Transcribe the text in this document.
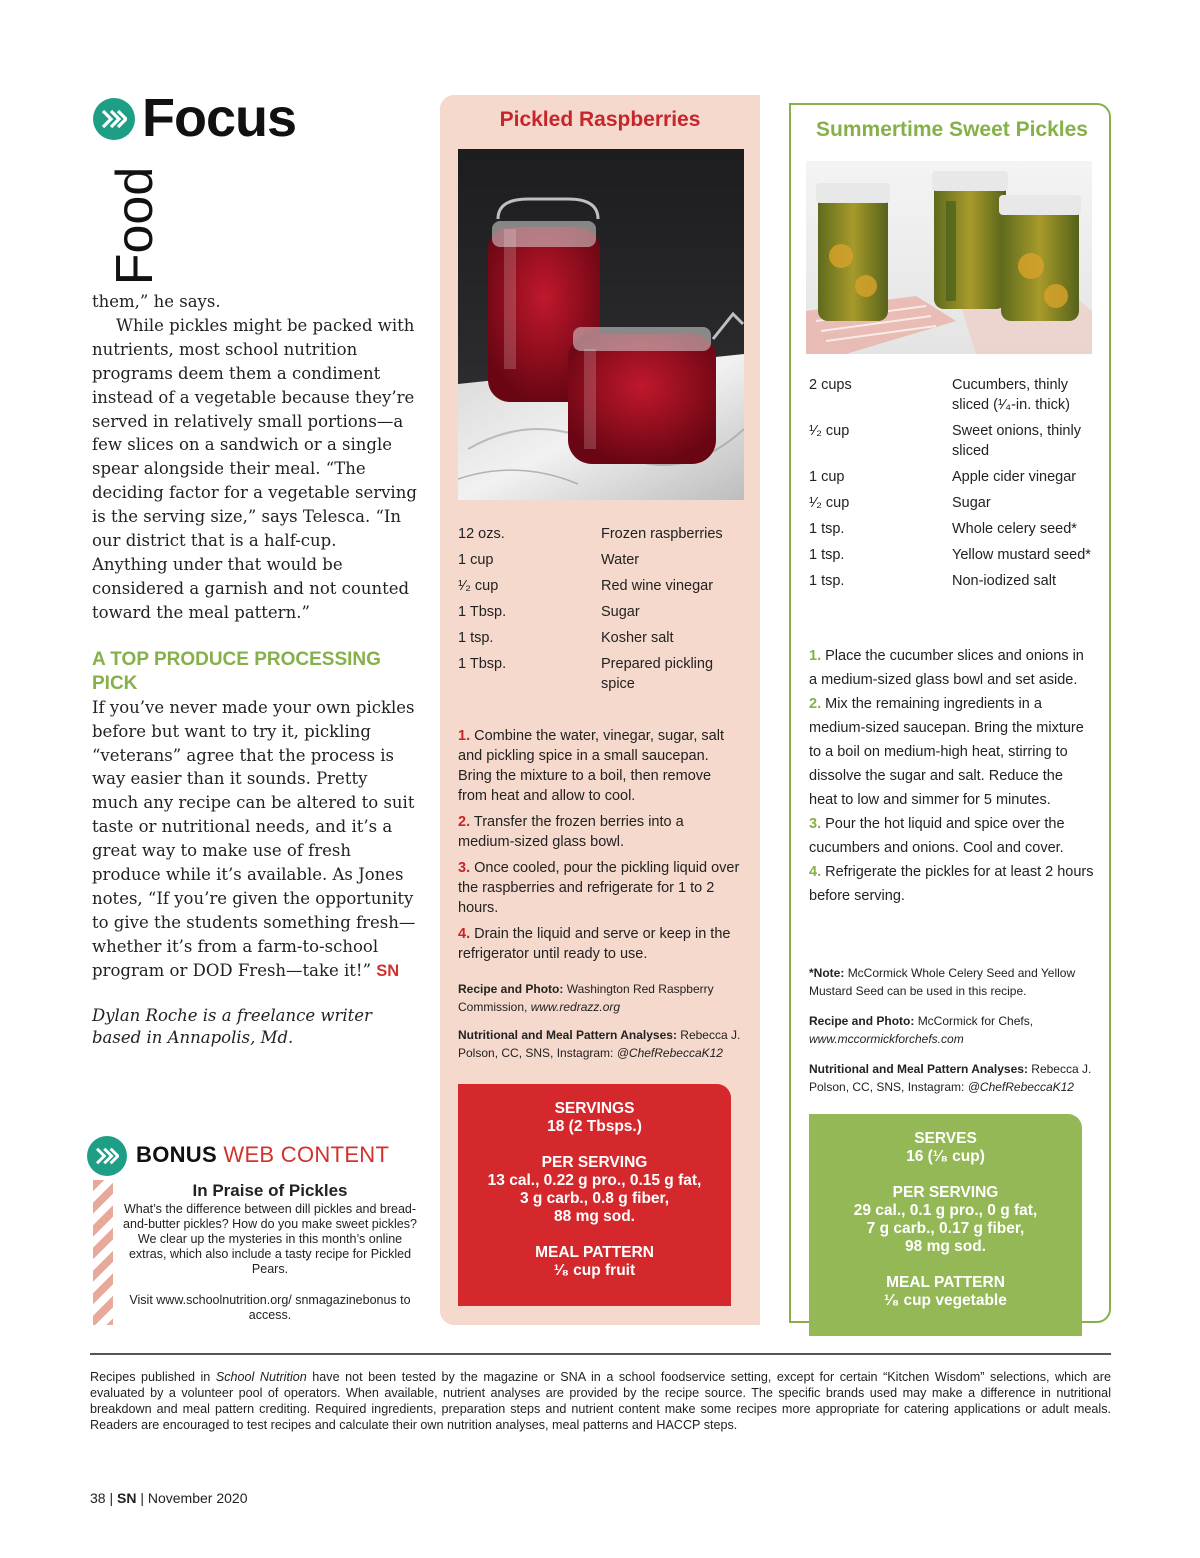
Focus
Food

them,” he says.

While pickles might be packed with nutrients, most school nutrition programs deem them a condiment instead of a vegetable because they’re served in relatively small portions—a few slices on a sandwich or a single spear alongside their meal. “The deciding factor for a vegetable serving is the serving size,” says Telesca. “In our district that is a half-cup. Anything under that would be considered a garnish and not counted toward the meal pattern.”

A TOP PRODUCE PROCESSING PICK

If you’ve never made your own pickles before but want to try it, pickling “veterans” agree that the process is way easier than it sounds. Pretty much any recipe can be altered to suit taste or nutritional needs, and it’s a great way to make use of fresh produce while it’s available. As Jones notes, “If you’re given the opportunity to give the students something fresh—whether it’s from a farm-to-school program or DOD Fresh—take it!” SN

Dylan Roche is a freelance writer based in Annapolis, Md.

BONUS WEB CONTENT

In Praise of Pickles

What’s the difference between dill pickles and bread-and-butter pickles? How do you make sweet pickles? We clear up the mysteries in this month’s online extras, which also include a tasty recipe for Pickled Pears.

Visit www.schoolnutrition.org/ snmagazinebonus to access.

Pickled Raspberries
12 ozs.	Frozen raspberries
1 cup	Water
¹⁄₂ cup	Red wine vinegar
1 Tbsp.	Sugar
1 tsp.	Kosher salt
1 Tbsp.	Prepared pickling spice

1. Combine the water, vinegar, sugar, salt and pickling spice in a small saucepan. Bring the mixture to a boil, then remove from heat and allow to cool.

2. Transfer the frozen berries into a medium-sized glass bowl.

3. Once cooled, pour the pickling liquid over the raspberries and refrigerate for 1 to 2 hours.

4. Drain the liquid and serve or keep in the refrigerator until ready to use.

Recipe and Photo: Washington Red Raspberry Commission, www.redrazz.org

Nutritional and Meal Pattern Analyses: Rebecca J. Polson, CC, SNS, Instagram: @ChefRebeccaK12

SERVINGS

18 (2 Tbsps.)

PER SERVING

13 cal., 0.22 g pro., 0.15 g fat,

3 g carb., 0.8 g fiber,

88 mg sod.

MEAL PATTERN

¹⁄₈ cup fruit

Summertime Sweet Pickles
2 cups	Cucumbers, thinly sliced (¹⁄₄-in. thick)
¹⁄₂ cup	Sweet onions, thinly sliced
1 cup	Apple cider vinegar
¹⁄₂ cup	Sugar
1 tsp.	Whole celery seed*
1 tsp.	Yellow mustard seed*
1 tsp.	Non-iodized salt

1. Place the cucumber slices and onions in a medium-sized glass bowl and set aside.

2. Mix the remaining ingredients in a medium-sized saucepan. Bring the mixture to a boil on medium-high heat, stirring to dissolve the sugar and salt. Reduce the heat to low and simmer for 5 minutes.

3. Pour the hot liquid and spice over the cucumbers and onions. Cool and cover.

4. Refrigerate the pickles for at least 2 hours before serving.

*Note: McCormick Whole Celery Seed and Yellow Mustard Seed can be used in this recipe.

Recipe and Photo: McCormick for Chefs,
www.mccormickforchefs.com

Nutritional and Meal Pattern Analyses: Rebecca J. Polson, CC, SNS, Instagram: @ChefRebeccaK12

SERVES

16 (¹⁄₈ cup)

PER SERVING

29 cal., 0.1 g pro., 0 g fat,

7 g carb., 0.17 g fiber,

98 mg sod.

MEAL PATTERN

¹⁄₈ cup vegetable

Recipes published in School Nutrition have not been tested by the magazine or SNA in a school foodservice setting, except for certain “Kitchen Wisdom” selections, which are evaluated by a volunteer pool of operators. When available, nutrient analyses are provided by the recipe source. The specific brands used may make a difference in nutritional breakdown and meal pattern crediting. Required ingredients, preparation steps and nutrient content make some recipes more appropriate for catering applications or adult meals. Readers are encouraged to test recipes and calculate their own nutrition analyses, meal patterns and HACCP steps.
38 | SN | November 2020
